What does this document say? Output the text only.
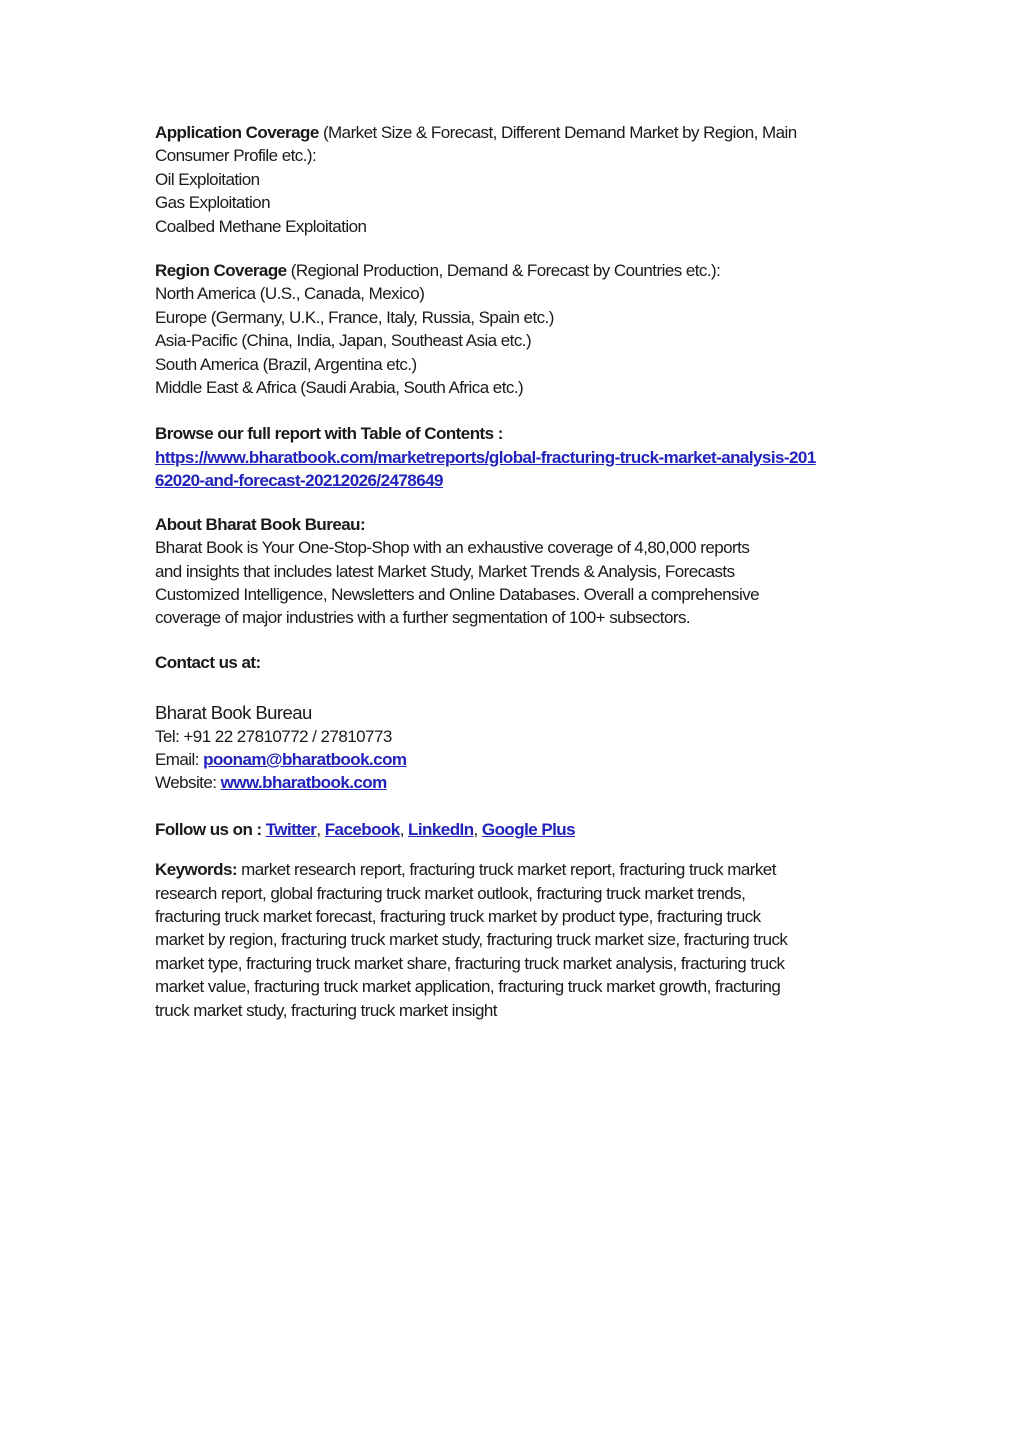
Application Coverage (Market Size & Forecast, Different Demand Market by Region, Main
Consumer Profile etc.):
Oil Exploitation
Gas Exploitation
Coalbed Methane Exploitation

Region Coverage (Regional Production, Demand & Forecast by Countries etc.):
North America (U.S., Canada, Mexico)
Europe (Germany, U.K., France, Italy, Russia, Spain etc.)
Asia-Pacific (China, India, Japan, Southeast Asia etc.)
South America (Brazil, Argentina etc.)
Middle East & Africa (Saudi Arabia, South Africa etc.)

Browse our full report with Table of Contents :
https://www.bharatbook.com/marketreports/global-fracturing-truck-market-analysis-201
62020-and-forecast-20212026/2478649

About Bharat Book Bureau:
Bharat Book is Your One-Stop-Shop with an exhaustive coverage of 4,80,000 reports
and insights that includes latest Market Study, Market Trends & Analysis, Forecasts
Customized Intelligence, Newsletters and Online Databases. Overall a comprehensive
coverage of major industries with a further segmentation of 100+ subsectors.

Contact us at:

Bharat Book Bureau
Tel: +91 22 27810772 / 27810773
Email: poonam@bharatbook.com
Website: www.bharatbook.com

Follow us on : Twitter, Facebook, LinkedIn, Google Plus

Keywords: market research report, fracturing truck market report, fracturing truck market
research report, global fracturing truck market outlook, fracturing truck market trends,
fracturing truck market forecast, fracturing truck market by product type, fracturing truck
market by region, fracturing truck market study, fracturing truck market size, fracturing truck
market type, fracturing truck market share, fracturing truck market analysis, fracturing truck
market value, fracturing truck market application, fracturing truck market growth, fracturing
truck market study, fracturing truck market insight
